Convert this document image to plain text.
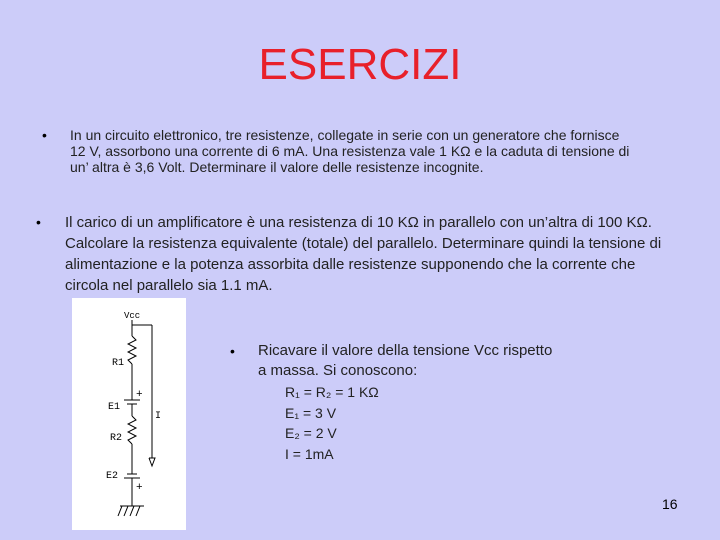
ESERCIZI
• In un circuito elettronico, tre resistenze, collegate in serie con un generatore che fornisce 12 V, assorbono una corrente di 6 mA. Una resistenza vale 1 KΩ e la caduta di tensione di un’ altra è 3,6 Volt. Determinare il valore delle resistenze incognite.
• Il carico di un amplificatore è una resistenza di 10 KΩ in parallelo con un’altra di 100 KΩ. Calcolare la resistenza equivalente (totale) del parallelo. Determinare quindi la tensione di alimentazione e la potenza assorbita dalle resistenze supponendo che la corrente che circola nel parallelo sia 1.1 mA.
• Ricavare il valore della tensione Vcc rispetto a massa. Si conoscono:
R₁ = R₂ = 1 KΩ
E₁ = 3 V
E₂ = 2 V
I = 1mA
Vcc
R1
E1
+
I
R2
E2
+
16
